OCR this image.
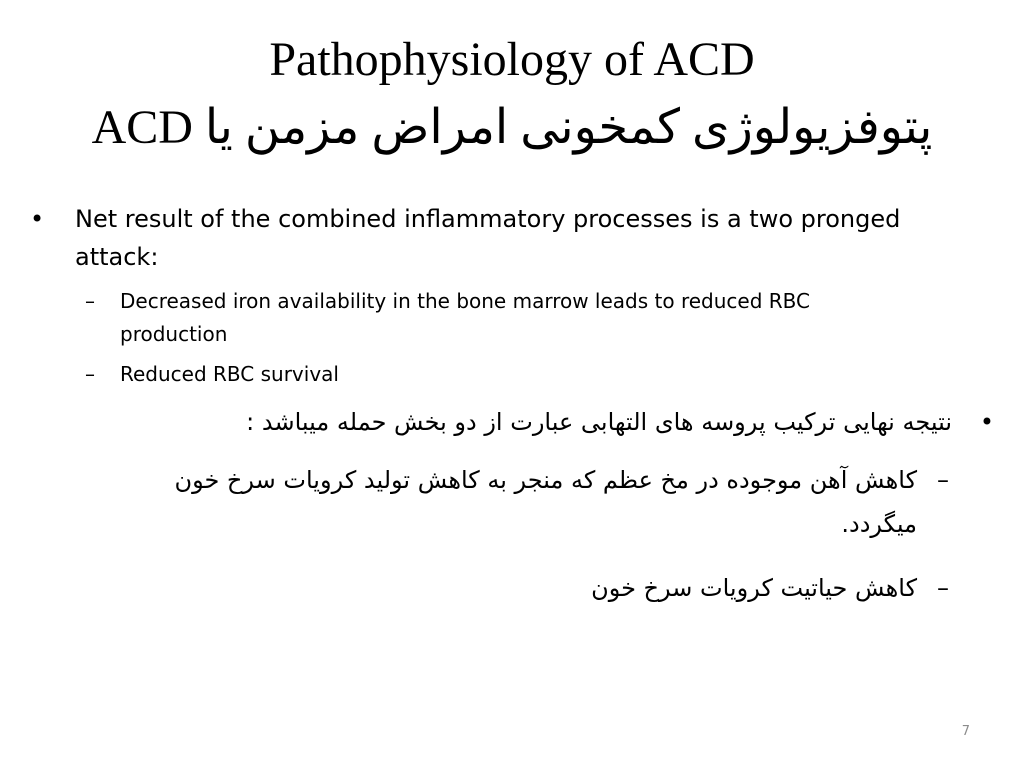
Pathophysiology of ACD
پتوفزیولوژی کمخونی امراض مزمن یا ACD
• Net result of the combined inflammatory processes is a two pronged attack:
– Decreased iron availability in the bone marrow leads to reduced RBC production
– Reduced RBC survival
•
نتیجه نهایی ترکیب پروسه های التهابی عبارت از دو بخش حمله میباشد :
–
کاهش آهن موجوده در مخ عظم که منجر به کاهش تولید کرویات سرخ خون میگردد.
–
کاهش حیاتیت کرویات سرخ خون
7
